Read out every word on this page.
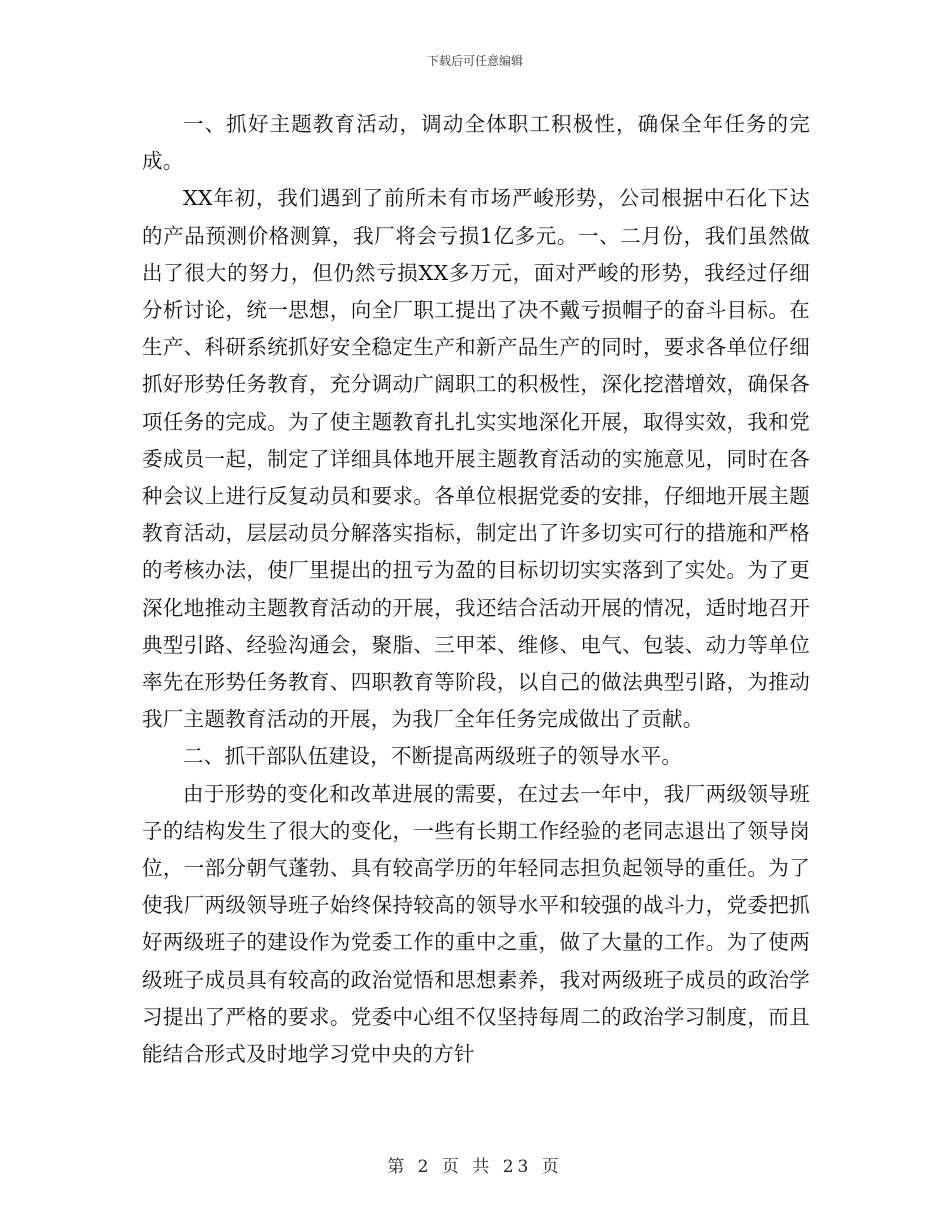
下载后可任意编辑

一、抓好主题教育活动，调动全体职工积极性，确保全年任务的完成。

XX年初，我们遇到了前所未有市场严峻形势，公司根据中石化下达的产品预测价格测算，我厂将会亏损1亿多元。一、二月份，我们虽然做出了很大的努力，但仍然亏损XX多万元，面对严峻的形势，我经过仔细分析讨论，统一思想，向全厂职工提出了决不戴亏损帽子的奋斗目标。在生产、科研系统抓好安全稳定生产和新产品生产的同时，要求各单位仔细抓好形势任务教育，充分调动广阔职工的积极性，深化挖潜增效，确保各项任务的完成。为了使主题教育扎扎实实地深化开展，取得实效，我和党委成员一起，制定了详细具体地开展主题教育活动的实施意见，同时在各种会议上进行反复动员和要求。各单位根据党委的安排，仔细地开展主题教育活动，层层动员分解落实指标，制定出了许多切实可行的措施和严格的考核办法，使厂里提出的扭亏为盈的目标切切实实落到了实处。为了更深化地推动主题教育活动的开展，我还结合活动开展的情况，适时地召开典型引路、经验沟通会，聚脂、三甲苯、维修、电气、包装、动力等单位率先在形势任务教育、四职教育等阶段，以自己的做法典型引路，为推动我厂主题教育活动的开展，为我厂全年任务完成做出了贡献。

二、抓干部队伍建设，不断提高两级班子的领导水平。

由于形势的变化和改革进展的需要，在过去一年中，我厂两级领导班子的结构发生了很大的变化，一些有长期工作经验的老同志退出了领导岗位，一部分朝气蓬勃、具有较高学历的年轻同志担负起领导的重任。为了使我厂两级领导班子始终保持较高的领导水平和较强的战斗力，党委把抓好两级班子的建设作为党委工作的重中之重，做了大量的工作。为了使两级班子成员具有较高的政治觉悟和思想素养，我对两级班子成员的政治学习提出了严格的要求。党委中心组不仅坚持每周二的政治学习制度，而且能结合形式及时地学习党中央的方针

第 2 页 共 23 页
